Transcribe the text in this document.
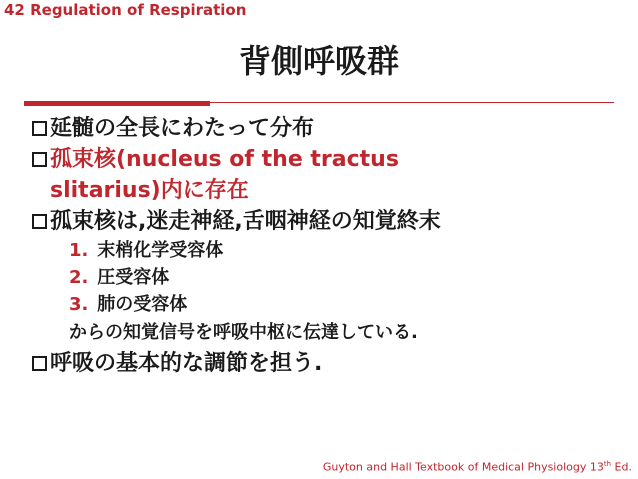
42 Regulation of Respiration
背側呼吸群
延髄の全長にわたって分布
孤束核(nucleus of the tractus
slitarius)内に存在
孤束核は,迷走神経,舌咽神経の知覚終末
1. 末梢化学受容体
2. 圧受容体
3. 肺の受容体
からの知覚信号を呼吸中枢に伝達している.
呼吸の基本的な調節を担う.
Guyton and Hall Textbook of Medical Physiology 13th Ed.
